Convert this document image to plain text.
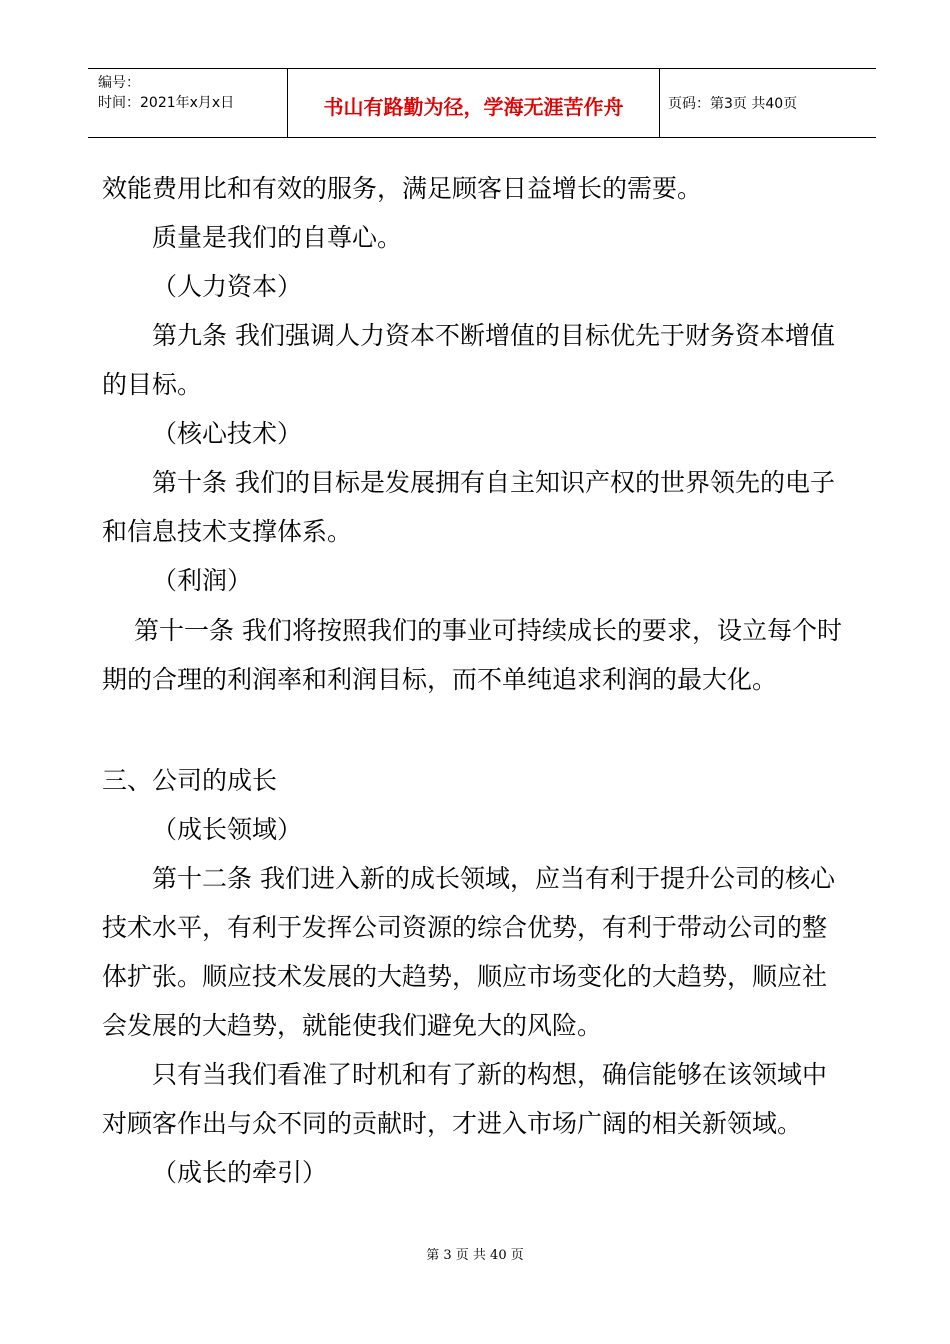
编号：
时间：2021年x月x日	书山有路勤为径，学海无涯苦作舟	页码：第3页 共40页
效能费用比和有效的服务，满足顾客日益增长的需要。
质量是我们的自尊心。
（人力资本）
第九条 我们强调人力资本不断增值的目标优先于财务资本增值
的目标。
（核心技术）
第十条 我们的目标是发展拥有自主知识产权的世界领先的电子
和信息技术支撑体系。
（利润）
第十一条 我们将按照我们的事业可持续成长的要求，设立每个时
期的合理的利润率和利润目标，而不单纯追求利润的最大化。
三、公司的成长
（成长领域）
第十二条 我们进入新的成长领域，应当有利于提升公司的核心
技术水平，有利于发挥公司资源的综合优势，有利于带动公司的整
体扩张。顺应技术发展的大趋势，顺应市场变化的大趋势，顺应社
会发展的大趋势，就能使我们避免大的风险。
只有当我们看准了时机和有了新的构想，确信能够在该领域中
对顾客作出与众不同的贡献时，才进入市场广阔的相关新领域。
（成长的牵引）
第 3 页 共 40 页
